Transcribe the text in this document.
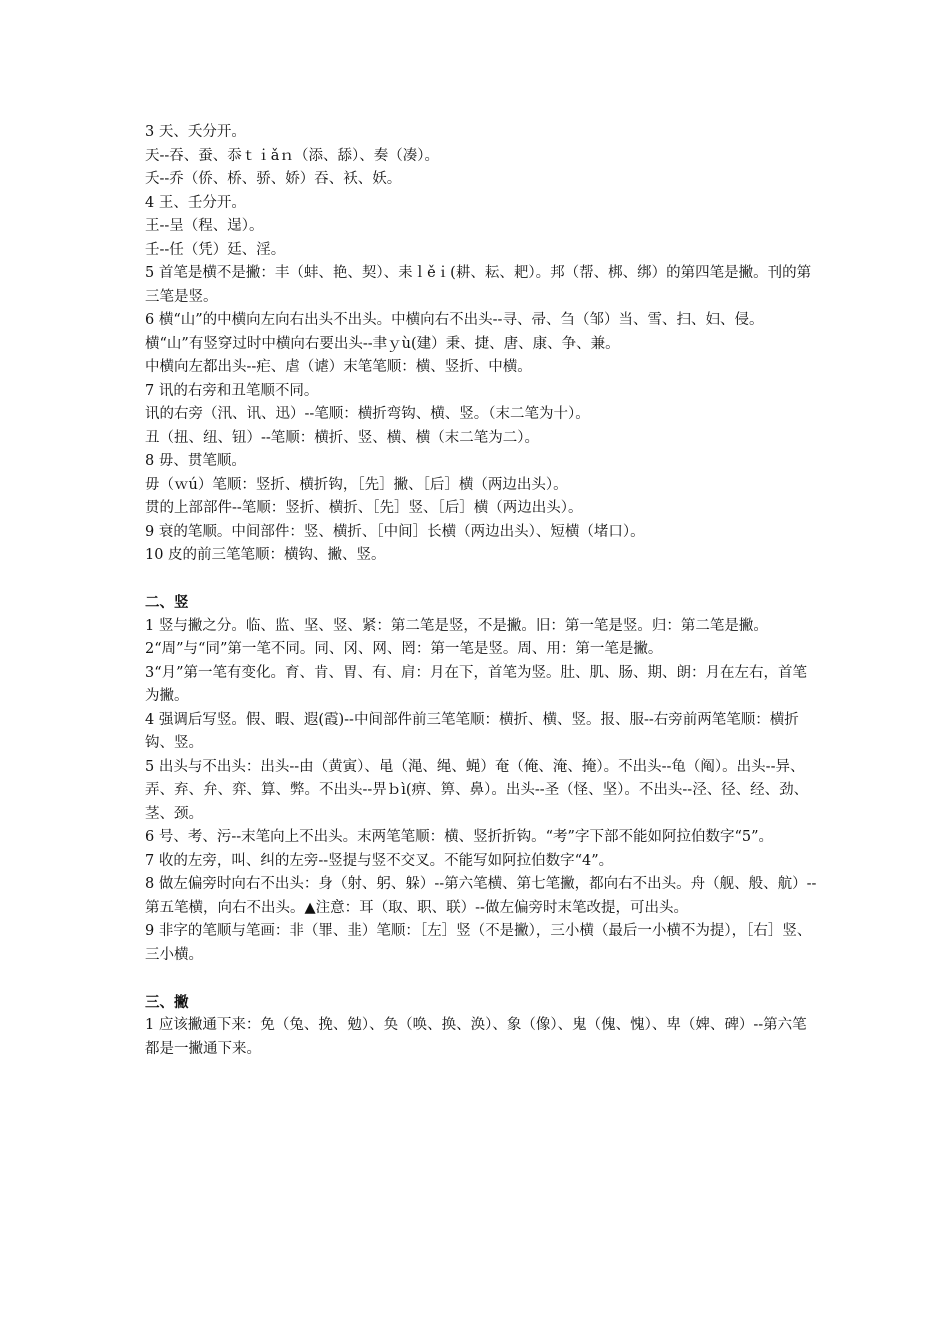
3 天、夭分开。

天--吞、蚕、忝ｔｉǎｎ（添、舔）、奏（凑）。

夭--乔（侨、桥、骄、娇）吞、袄、妖。

4 王、壬分开。

王--呈（程、逞）。

壬--任（凭）廷、淫。

5 首笔是横不是撇：丰（蚌、艳、契）、耒ｌěｉ(耕、耘、耙）。邦（帮、梆、绑）的第四笔是撇。刊的第三笔是竖。

6 横“山”的中横向左向右出头不出头。中横向右不出头--寻、帚、刍（邹）当、雪、扫、妇、侵。横“山”有竖穿过时中横向右要出头--聿ｙù(建）秉、捷、唐、康、争、兼。

中横向左都出头--疟、虐（谑）末笔笔顺：横、竖折、中横。

7 讯的右旁和丑笔顺不同。

讯的右旁（汛、讯、迅）--笔顺：横折弯钩、横、竖。（末二笔为十）。

丑（扭、纽、钮）--笔顺：横折、竖、横、横（末二笔为二）。

8 毋、贯笔顺。

毋（ｗú）笔顺：竖折、横折钩，［先］撇、［后］横（两边出头）。

贯的上部部件--笔顺：竖折、横折、［先］竖、［后］横（两边出头）。

9 衰的笔顺。中间部件：竖、横折、［中间］长横（两边出头）、短横（堵口）。

10 皮的前三笔笔顺：横钩、撇、竖。

二、竖

1 竖与撇之分。临、监、坚、竖、紧：第二笔是竖，不是撇。旧：第一笔是竖。归：第二笔是撇。

2“周”与“同”第一笔不同。同、冈、网、罔：第一笔是竖。周、用：第一笔是撇。

3“月”第一笔有变化。育、肯、胃、有、肩：月在下，首笔为竖。肚、肌、肠、期、朗：月在左右，首笔为撇。

4 强调后写竖。假、暇、遐(霞)--中间部件前三笔笔顺：横折、横、竖。报、服--右旁前两笔笔顺：横折钩、竖。

5 出头与不出头：出头--由（黄寅）、黾（渑、绳、蝇）奄（俺、淹、掩）。不出头--龟（阄）。出头--异、弄、弃、弁、弈、算、弊。不出头--畀ｂì(痹、箅、鼻）。出头--圣（怪、坚）。不出头--泾、径、经、劲、茎、颈。

6 号、考、污--末笔向上不出头。末两笔笔顺：横、竖折折钩。“考”字下部不能如阿拉伯数字“5”。

7 收的左旁，叫、纠的左旁--竖提与竖不交叉。不能写如阿拉伯数字“4”。

8 做左偏旁时向右不出头：身（射、躬、躲）--第六笔横、第七笔撇，都向右不出头。舟（舰、般、航）--第五笔横，向右不出头。▲注意：耳（取、职、联）--做左偏旁时末笔改提，可出头。

9 非字的笔顺与笔画：非（罪、韭）笔顺：［左］竖（不是撇），三小横（最后一小横不为提），［右］竖、三小横。

三、撇

1 应该撇通下来：免（兔、挽、勉）、奂（唤、换、涣）、象（像）、鬼（傀、愧）、卑（婢、碑）--第六笔都是一撇通下来。
